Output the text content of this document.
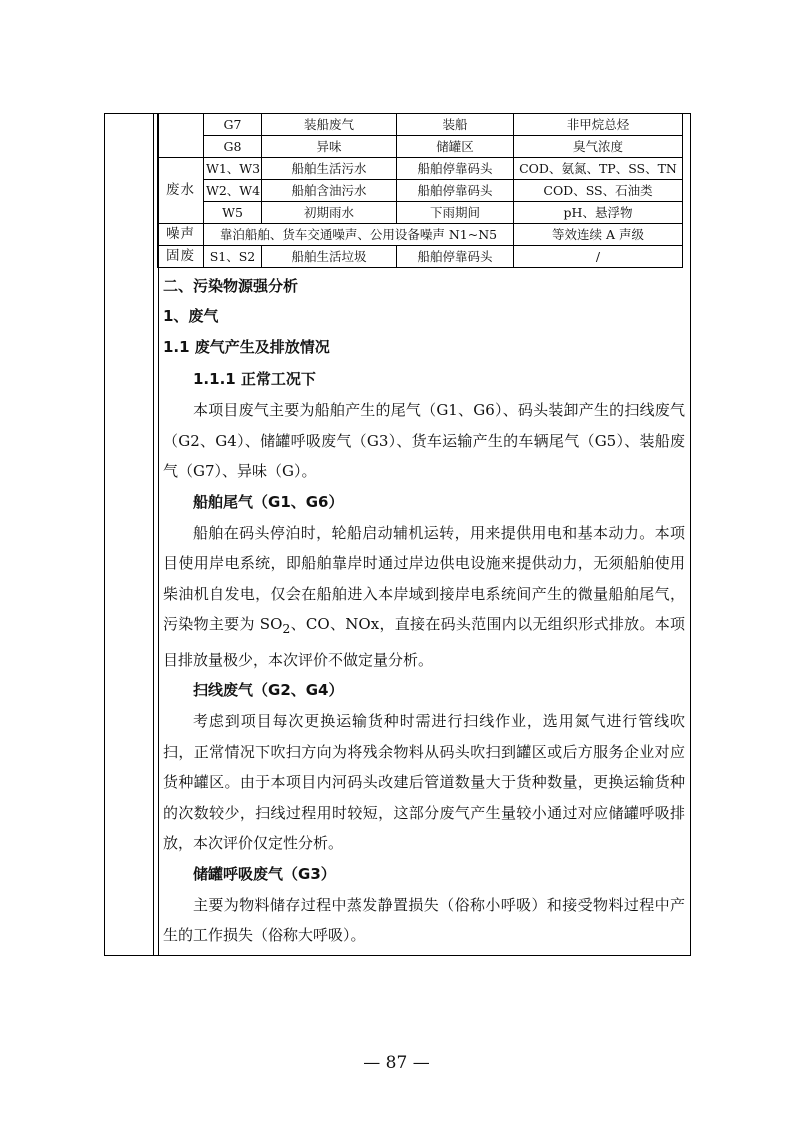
	G7	装船废气	装船	非甲烷总烃
	G8	异味	储罐区	臭气浓度
废水	W1、W3	船舶生活污水	船舶停靠码头	COD、氨氮、TP、SS、TN
	W2、W4	船舶含油污水	船舶停靠码头	COD、SS、石油类
	W5	初期雨水	下雨期间	pH、悬浮物
噪声	靠泊船舶、货车交通噪声、公用设备噪声 N1~N5			等效连续 A 声级
固废	S1、S2	船舶生活垃圾	船舶停靠码头	/
二、污染物源强分析
1、废气
1.1 废气产生及排放情况
1.1.1 正常工况下

本项目废气主要为船舶产生的尾气（G1、G6）、码头装卸产生的扫线废气（G2、G4）、储罐呼吸废气（G3）、货车运输产生的车辆尾气（G5）、装船废气（G7）、异味（G）。

船舶尾气（G1、G6）

船舶在码头停泊时，轮船启动辅机运转，用来提供用电和基本动力。本项目使用岸电系统，即船舶靠岸时通过岸边供电设施来提供动力，无须船舶使用柴油机自发电，仅会在船舶进入本岸域到接岸电系统间产生的微量船舶尾气，污染物主要为 $SO_2$、CO、NOx，直接在码头范围内以无组织形式排放。本项目排放量极少，本次评价不做定量分析。

扫线废气（G2、G4）

考虑到项目每次更换运输货种时需进行扫线作业，选用氮气进行管线吹扫，正常情况下吹扫方向为将残余物料从码头吹扫到罐区或后方服务企业对应货种罐区。由于本项目内河码头改建后管道数量大于货种数量，更换运输货种的次数较少，扫线过程用时较短，这部分废气产生量较小通过对应储罐呼吸排放，本次评价仅定性分析。

储罐呼吸废气（G3）

主要为物料储存过程中蒸发静置损失（俗称小呼吸）和接受物料过程中产生的工作损失（俗称大呼吸）。

— 87 —
